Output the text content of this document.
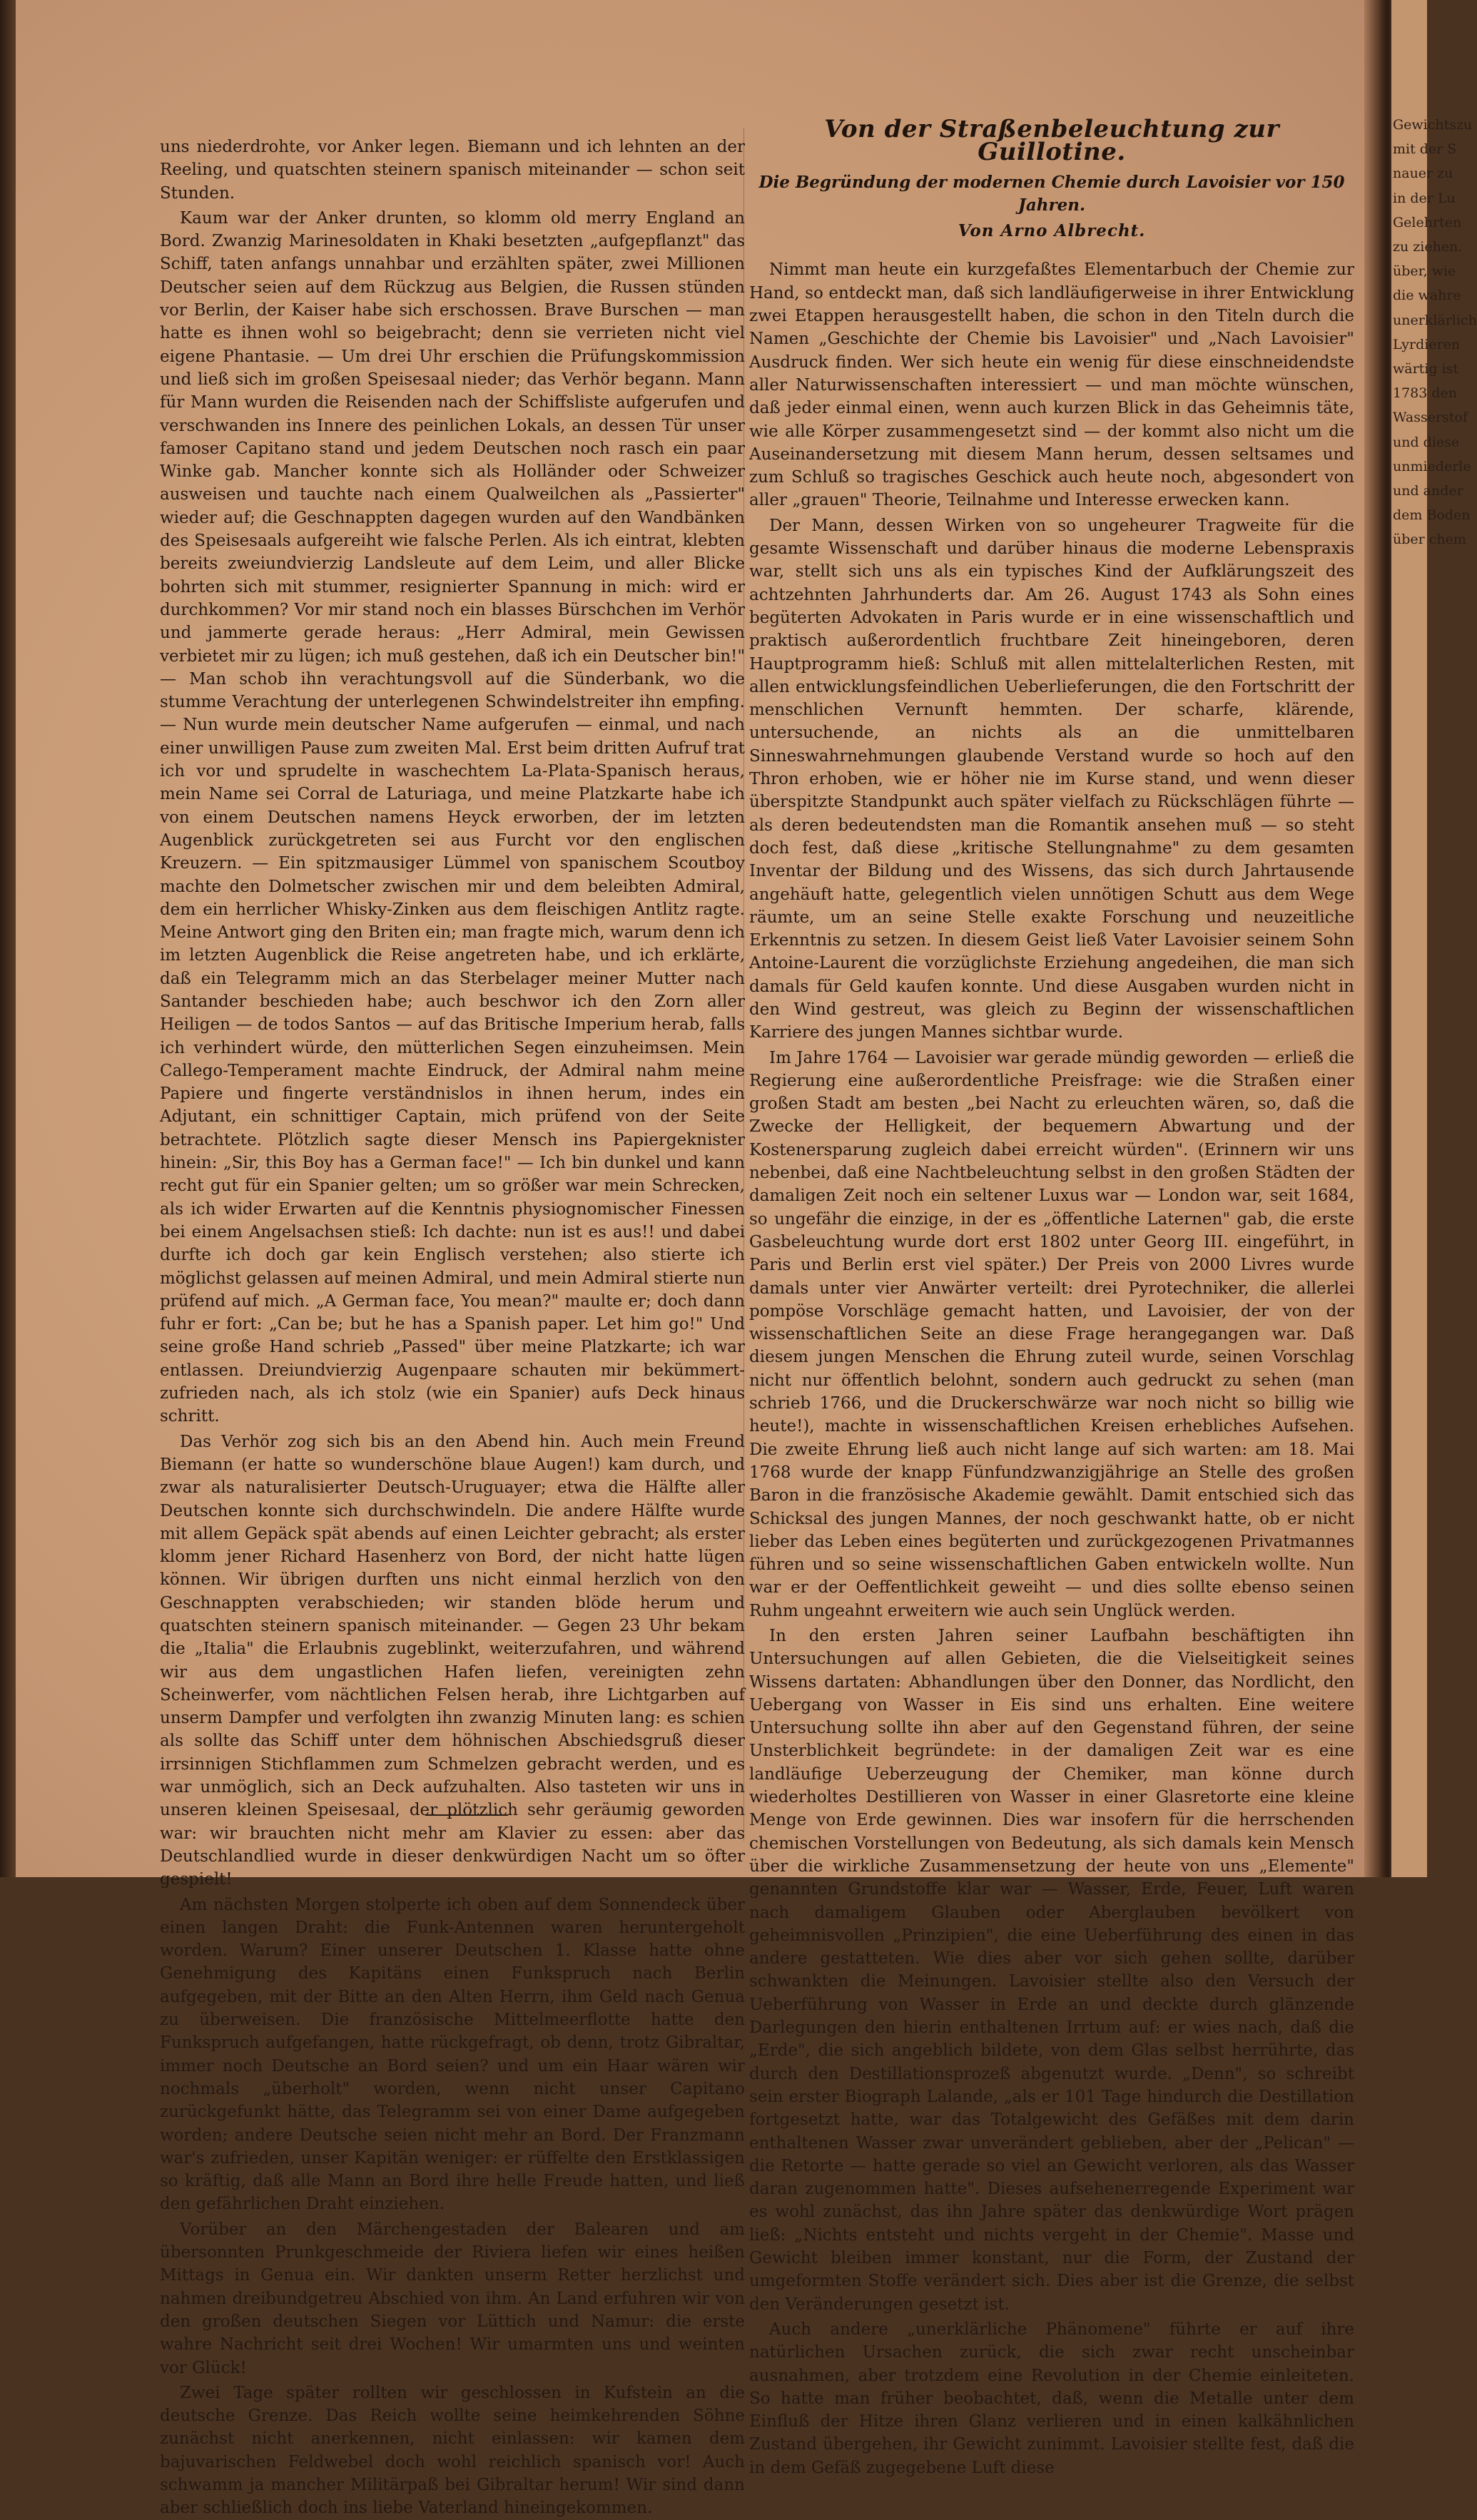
uns niederdrohte, vor Anker legen. Biemann und ich lehnten an der Reeling, und quatschten steinern spanisch miteinander — schon seit Stunden.

Kaum war der Anker drunten, so klomm old merry England an Bord. Zwanzig Marinesoldaten in Khaki besetzten „aufgepflanzt" das Schiff, taten anfangs unnahbar und erzählten später, zwei Millionen Deutscher seien auf dem Rückzug aus Belgien, die Russen stünden vor Berlin, der Kaiser habe sich erschossen. Brave Burschen — man hatte es ihnen wohl so beigebracht; denn sie verrieten nicht viel eigene Phantasie. — Um drei Uhr erschien die Prüfungskommission und ließ sich im großen Speisesaal nieder; das Verhör begann. Mann für Mann wurden die Reisenden nach der Schiffsliste aufgerufen und verschwanden ins Innere des peinlichen Lokals, an dessen Tür unser famoser Capitano stand und jedem Deutschen noch rasch ein paar Winke gab. Mancher konnte sich als Holländer oder Schweizer ausweisen und tauchte nach einem Qualweilchen als „Passierter" wieder auf; die Geschnappten dagegen wurden auf den Wandbänken des Speisesaals aufgereiht wie falsche Perlen. Als ich eintrat, klebten bereits zweiundvierzig Landsleute auf dem Leim, und aller Blicke bohrten sich mit stummer, resignierter Spannung in mich: wird er durchkommen? Vor mir stand noch ein blasses Bürschchen im Verhör und jammerte gerade heraus: „Herr Admiral, mein Gewissen verbietet mir zu lügen; ich muß gestehen, daß ich ein Deutscher bin!" — Man schob ihn verachtungsvoll auf die Sünderbank, wo die stumme Verachtung der unterlegenen Schwindelstreiter ihn empfing. — Nun wurde mein deutscher Name aufgerufen — einmal, und nach einer unwilligen Pause zum zweiten Mal. Erst beim dritten Aufruf trat ich vor und sprudelte in waschechtem La-Plata-Spanisch heraus, mein Name sei Corral de Laturiaga, und meine Platzkarte habe ich von einem Deutschen namens Heyck erworben, der im letzten Augenblick zurückgetreten sei aus Furcht vor den englischen Kreuzern. — Ein spitzmausiger Lümmel von spanischem Scoutboy machte den Dolmetscher zwischen mir und dem beleibten Admiral, dem ein herrlicher Whisky-Zinken aus dem fleischigen Antlitz ragte. Meine Antwort ging den Briten ein; man fragte mich, warum denn ich im letzten Augenblick die Reise angetreten habe, und ich erklärte, daß ein Telegramm mich an das Sterbelager meiner Mutter nach Santander beschieden habe; auch beschwor ich den Zorn aller Heiligen — de todos Santos — auf das Britische Imperium herab, falls ich verhindert würde, den mütterlichen Segen einzuheimsen. Mein Callego-Temperament machte Eindruck, der Admiral nahm meine Papiere und fingerte verständnislos in ihnen herum, indes ein Adjutant, ein schnittiger Captain, mich prüfend von der Seite betrachtete. Plötzlich sagte dieser Mensch ins Papiergeknister hinein: „Sir, this Boy has a German face!" — Ich bin dunkel und kann recht gut für ein Spanier gelten; um so größer war mein Schrecken, als ich wider Erwarten auf die Kenntnis physiognomischer Finessen bei einem Angelsachsen stieß: Ich dachte: nun ist es aus!! und dabei durfte ich doch gar kein Englisch verstehen; also stierte ich möglichst gelassen auf meinen Admiral, und mein Admiral stierte nun prüfend auf mich. „A German face, You mean?" maulte er; doch dann fuhr er fort: „Can be; but he has a Spanish paper. Let him go!" Und seine große Hand schrieb „Passed" über meine Platzkarte; ich war entlassen. Dreiundvierzig Augenpaare schauten mir bekümmert-zufrieden nach, als ich stolz (wie ein Spanier) aufs Deck hinaus schritt.

Das Verhör zog sich bis an den Abend hin. Auch mein Freund Biemann (er hatte so wunderschöne blaue Augen!) kam durch, und zwar als naturalisierter Deutsch-Uruguayer; etwa die Hälfte aller Deutschen konnte sich durchschwindeln. Die andere Hälfte wurde mit allem Gepäck spät abends auf einen Leichter gebracht; als erster klomm jener Richard Hasenherz von Bord, der nicht hatte lügen können. Wir übrigen durften uns nicht einmal herzlich von den Geschnappten verabschieden; wir standen blöde herum und quatschten steinern spanisch miteinander. — Gegen 23 Uhr bekam die „Italia" die Erlaubnis zugeblinkt, weiterzufahren, und während wir aus dem ungastlichen Hafen liefen, vereinigten zehn Scheinwerfer, vom nächtlichen Felsen herab, ihre Lichtgarben auf unserm Dampfer und verfolgten ihn zwanzig Minuten lang: es schien als sollte das Schiff unter dem höhnischen Abschiedsgruß dieser irrsinnigen Stichflammen zum Schmelzen gebracht werden, und es war unmöglich, sich an Deck aufzuhalten. Also tasteten wir uns in unseren kleinen Speisesaal, der plötzlich sehr geräumig geworden war: wir brauchten nicht mehr am Klavier zu essen: aber das Deutschlandlied wurde in dieser denkwürdigen Nacht um so öfter gespielt!

Am nächsten Morgen stolperte ich oben auf dem Sonnendeck über einen langen Draht: die Funk-Antennen waren heruntergeholt worden. Warum? Einer unserer Deutschen 1. Klasse hatte ohne Genehmigung des Kapitäns einen Funkspruch nach Berlin aufgegeben, mit der Bitte an den Alten Herrn, ihm Geld nach Genua zu überweisen. Die französische Mittelmeerflotte hatte den Funkspruch aufgefangen, hatte rückgefragt, ob denn, trotz Gibraltar, immer noch Deutsche an Bord seien? und um ein Haar wären wir nochmals „überholt" worden, wenn nicht unser Capitano zurückgefunkt hätte, das Telegramm sei von einer Dame aufgegeben worden; andere Deutsche seien nicht mehr an Bord. Der Franzmann war's zufrieden, unser Kapitän weniger: er rüffelte den Erstklassigen so kräftig, daß alle Mann an Bord ihre helle Freude hatten, und ließ den gefährlichen Draht einziehen.

Vorüber an den Märchengestaden der Balearen und am übersonnten Prunkgeschmeide der Riviera liefen wir eines heißen Mittags in Genua ein. Wir dankten unserm Retter herzlichst und nahmen dreibundgetreu Abschied von ihm. An Land erfuhren wir von den großen deutschen Siegen vor Lüttich und Namur: die erste wahre Nachricht seit drei Wochen! Wir umarmten uns und weinten vor Glück!

Zwei Tage später rollten wir geschlossen in Kufstein an die deutsche Grenze. Das Reich wollte seine heimkehrenden Söhne zunächst nicht anerkennen, nicht einlassen: wir kamen dem bajuvarischen Feldwebel doch wohl reichlich spanisch vor! Auch schwamm ja mancher Militärpaß bei Gibraltar herum! Wir sind dann aber schließlich doch ins liebe Vaterland hineingekommen.

Von der Straßenbeleuchtung zur Guillotine.
Die Begründung der modernen Chemie durch Lavoisier vor 150 Jahren.
Von Arno Albrecht.

Nimmt man heute ein kurzgefaßtes Elementarbuch der Chemie zur Hand, so entdeckt man, daß sich landläufigerweise in ihrer Entwicklung zwei Etappen herausgestellt haben, die schon in den Titeln durch die Namen „Geschichte der Chemie bis Lavoisier" und „Nach Lavoisier" Ausdruck finden. Wer sich heute ein wenig für diese einschneidendste aller Naturwissenschaften interessiert — und man möchte wünschen, daß jeder einmal einen, wenn auch kurzen Blick in das Geheimnis täte, wie alle Körper zusammengesetzt sind — der kommt also nicht um die Auseinandersetzung mit diesem Mann herum, dessen seltsames und zum Schluß so tragisches Geschick auch heute noch, abgesondert von aller „grauen" Theorie, Teilnahme und Interesse erwecken kann.

Der Mann, dessen Wirken von so ungeheurer Tragweite für die gesamte Wissenschaft und darüber hinaus die moderne Lebenspraxis war, stellt sich uns als ein typisches Kind der Aufklärungszeit des achtzehnten Jahrhunderts dar. Am 26. August 1743 als Sohn eines begüterten Advokaten in Paris wurde er in eine wissenschaftlich und praktisch außerordentlich fruchtbare Zeit hineingeboren, deren Hauptprogramm hieß: Schluß mit allen mittelalterlichen Resten, mit allen entwicklungsfeindlichen Ueberlieferungen, die den Fortschritt der menschlichen Vernunft hemmten. Der scharfe, klärende, untersuchende, an nichts als an die unmittelbaren Sinneswahrnehmungen glaubende Verstand wurde so hoch auf den Thron erhoben, wie er höher nie im Kurse stand, und wenn dieser überspitzte Standpunkt auch später vielfach zu Rückschlägen führte — als deren bedeutendsten man die Romantik ansehen muß — so steht doch fest, daß diese „kritische Stellungnahme" zu dem gesamten Inventar der Bildung und des Wissens, das sich durch Jahrtausende angehäuft hatte, gelegentlich vielen unnötigen Schutt aus dem Wege räumte, um an seine Stelle exakte Forschung und neuzeitliche Erkenntnis zu setzen. In diesem Geist ließ Vater Lavoisier seinem Sohn Antoine-Laurent die vorzüglichste Erziehung angedeihen, die man sich damals für Geld kaufen konnte. Und diese Ausgaben wurden nicht in den Wind gestreut, was gleich zu Beginn der wissenschaftlichen Karriere des jungen Mannes sichtbar wurde.

Im Jahre 1764 — Lavoisier war gerade mündig geworden — erließ die Regierung eine außerordentliche Preisfrage: wie die Straßen einer großen Stadt am besten „bei Nacht zu erleuchten wären, so, daß die Zwecke der Helligkeit, der bequemern Abwartung und der Kostenersparung zugleich dabei erreicht würden". (Erinnern wir uns nebenbei, daß eine Nachtbeleuchtung selbst in den großen Städten der damaligen Zeit noch ein seltener Luxus war — London war, seit 1684, so ungefähr die einzige, in der es „öffentliche Laternen" gab, die erste Gasbeleuchtung wurde dort erst 1802 unter Georg III. eingeführt, in Paris und Berlin erst viel später.) Der Preis von 2000 Livres wurde damals unter vier Anwärter verteilt: drei Pyrotechniker, die allerlei pompöse Vorschläge gemacht hatten, und Lavoisier, der von der wissenschaftlichen Seite an diese Frage herangegangen war. Daß diesem jungen Menschen die Ehrung zuteil wurde, seinen Vorschlag nicht nur öffentlich belohnt, sondern auch gedruckt zu sehen (man schrieb 1766, und die Druckerschwärze war noch nicht so billig wie heute!), machte in wissenschaftlichen Kreisen erhebliches Aufsehen. Die zweite Ehrung ließ auch nicht lange auf sich warten: am 18. Mai 1768 wurde der knapp Fünfundzwanzigjährige an Stelle des großen Baron in die französische Akademie gewählt. Damit entschied sich das Schicksal des jungen Mannes, der noch geschwankt hatte, ob er nicht lieber das Leben eines begüterten und zurückgezogenen Privatmannes führen und so seine wissenschaftlichen Gaben entwickeln wollte. Nun war er der Oeffentlichkeit geweiht — und dies sollte ebenso seinen Ruhm ungeahnt erweitern wie auch sein Unglück werden.

In den ersten Jahren seiner Laufbahn beschäftigten ihn Untersuchungen auf allen Gebieten, die die Vielseitigkeit seines Wissens dartaten: Abhandlungen über den Donner, das Nordlicht, den Uebergang von Wasser in Eis sind uns erhalten. Eine weitere Untersuchung sollte ihn aber auf den Gegenstand führen, der seine Unsterblichkeit begründete: in der damaligen Zeit war es eine landläufige Ueberzeugung der Chemiker, man könne durch wiederholtes Destillieren von Wasser in einer Glasretorte eine kleine Menge von Erde gewinnen. Dies war insofern für die herrschenden chemischen Vorstellungen von Bedeutung, als sich damals kein Mensch über die wirkliche Zusammensetzung der heute von uns „Elemente" genannten Grundstoffe klar war — Wasser, Erde, Feuer, Luft waren nach damaligem Glauben oder Aberglauben bevölkert von geheimnisvollen „Prinzipien", die eine Ueberführung des einen in das andere gestatteten. Wie dies aber vor sich gehen sollte, darüber schwankten die Meinungen. Lavoisier stellte also den Versuch der Ueberführung von Wasser in Erde an und deckte durch glänzende Darlegungen den hierin enthaltenen Irrtum auf: er wies nach, daß die „Erde", die sich angeblich bildete, von dem Glas selbst herrührte, das durch den Destillationsprozeß abgenutzt wurde. „Denn", so schreibt sein erster Biograph Lalande, „als er 101 Tage hindurch die Destillation fortgesetzt hatte, war das Totalgewicht des Gefäßes mit dem darin enthaltenen Wasser zwar unverändert geblieben, aber der „Pelican" — die Retorte — hatte gerade so viel an Gewicht verloren, als das Wasser daran zugenommen hatte". Dieses aufsehenerregende Experiment war es wohl zunächst, das ihn Jahre später das denkwürdige Wort prägen ließ: „Nichts entsteht und nichts vergeht in der Chemie". Masse und Gewicht bleiben immer konstant, nur die Form, der Zustand der umgeformten Stoffe verändert sich. Dies aber ist die Grenze, die selbst den Veränderungen gesetzt ist.

Auch andere „unerklärliche Phänomene" führte er auf ihre natürlichen Ursachen zurück, die sich zwar recht unscheinbar ausnahmen, aber trotzdem eine Revolution in der Chemie einleiteten. So hatte man früher beobachtet, daß, wenn die Metalle unter dem Einfluß der Hitze ihren Glanz verlieren und in einen kalkähnlichen Zustand übergehen, ihr Gewicht zunimmt. Lavoisier stellte fest, daß die in dem Gefäß zugegebene Luft diese

Gewichtszu
mit der S
nauer zu
in der Lu
Gelehrten
zu ziehen.
über, wie
die wahre
unerklärlich
Lyrdieren
wärtig ist
1783 den
Wasserstof
und diese
unmiederle
und ander
dem Boden
über chem
